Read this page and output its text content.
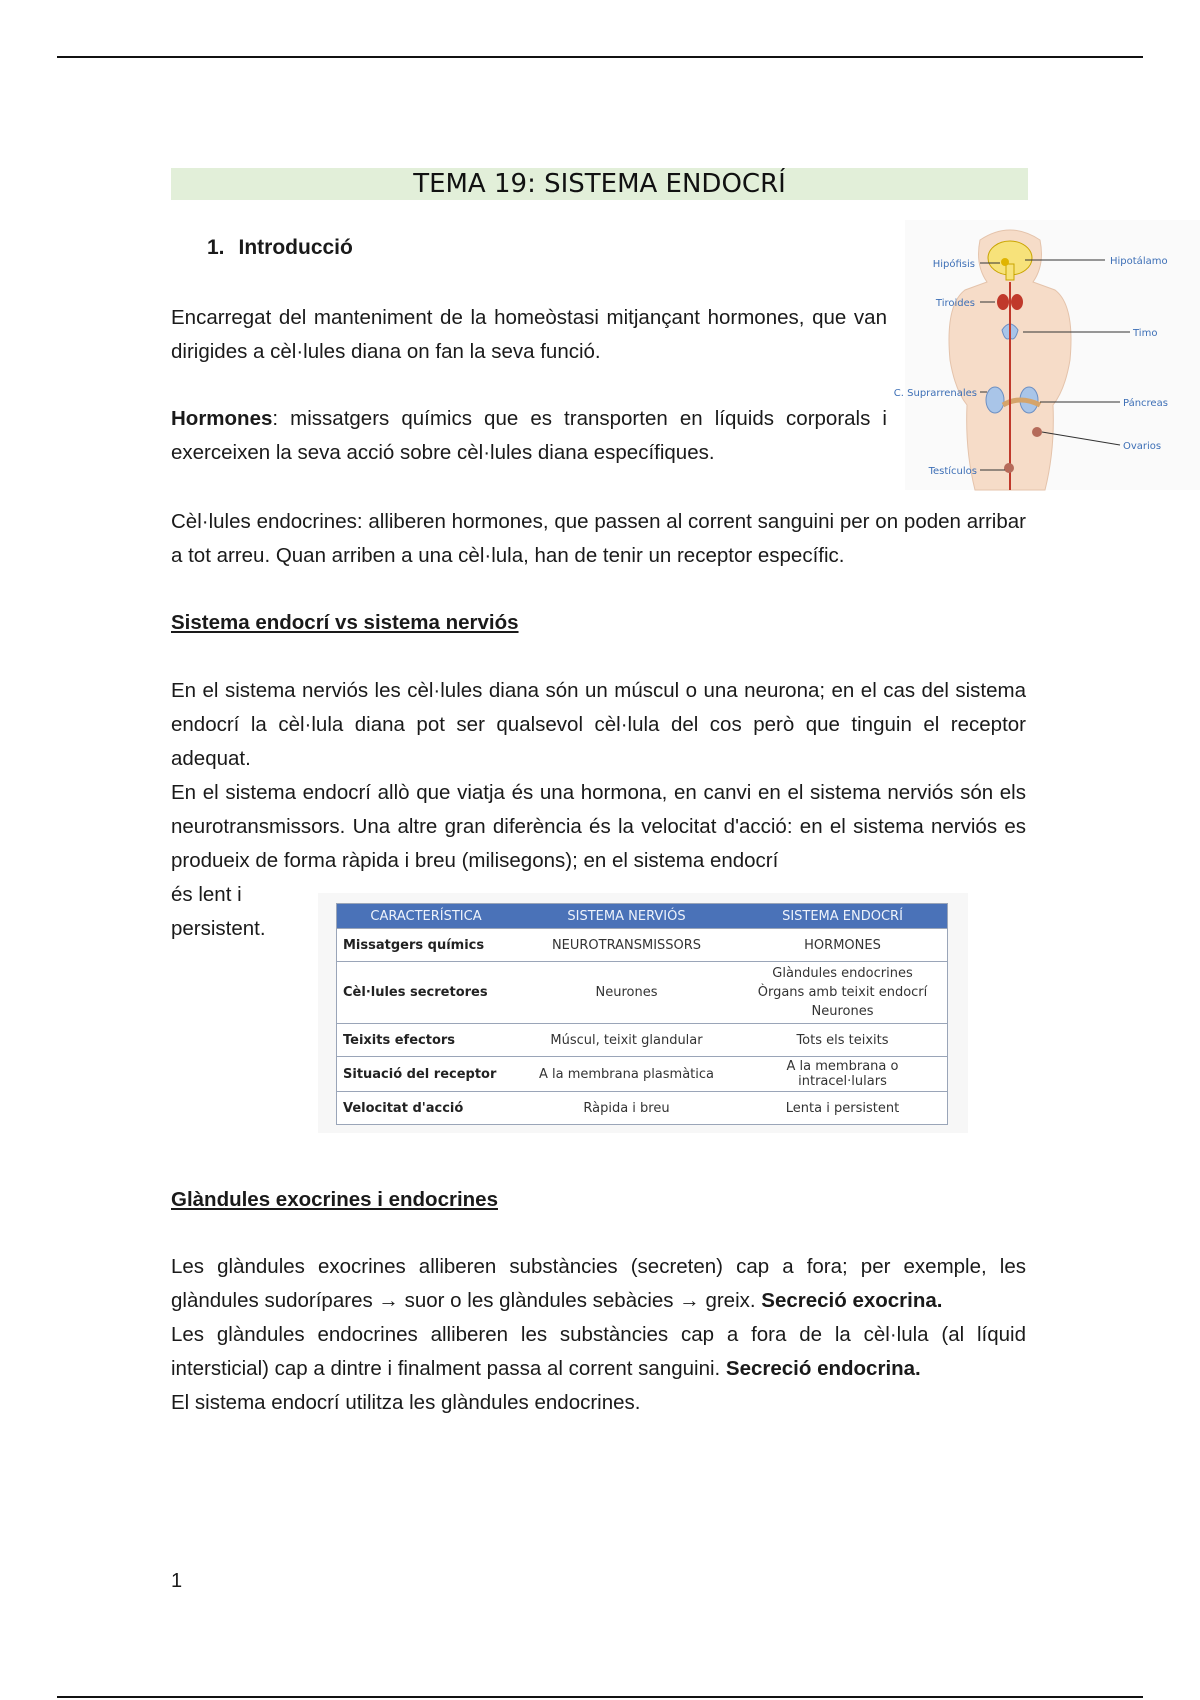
TEMA 19: SISTEMA ENDOCRÍ
1. Introducció

Encarregat del manteniment de la homeòstasi mitjançant hormones, que van dirigides a cèl·lules diana on fan la seva funció.

Hormones: missatgers químics que es transporten en líquids corporals i exerceixen la seva acció sobre cèl·lules diana específiques.

Cèl·lules endocrines: alliberen hormones, que passen al corrent sanguini per on poden arribar a tot arreu. Quan arriben a una cèl·lula, han de tenir un receptor específic.

Hipófisis	Hipotálamo
Tiroides
Timo
C. Suprarrenales
Páncreas
Ovarios
Testículos
Sistema endocrí vs sistema nerviós

En el sistema nerviós les cèl·lules diana són un múscul o una neurona; en el cas del sistema endocrí la cèl·lula diana pot ser qualsevol cèl·lula del cos però que tinguin el receptor adequat.

En el sistema endocrí allò que viatja és una hormona, en canvi en el sistema nerviós són els neurotransmissors. Una altre gran diferència és la velocitat d'acció: en el sistema nerviós es produeix de forma ràpida i breu (milisegons); en el sistema endocrí

és lent i
persistent.
CARACTERÍSTICA	SISTEMA NERVIÓS	SISTEMA ENDOCRÍ
Missatgers químics	NEUROTRANSMISSORS	HORMONES
Cèl·lules secretores	Neurones	Glàndules endocrines
Òrgans amb teixit endocrí
Neurones

Teixits efectors	Múscul, teixit glandular	Tots els teixits
Situació del receptor	A la membrana plasmàtica	A la membrana o intracel·lulars
Velocitat d'acció	Ràpida i breu	Lenta i persistent
Glàndules exocrines i endocrines

Les glàndules exocrines alliberen substàncies (secreten) cap a fora; per exemple, les glàndules sudorípares → suor o les glàndules sebàcies → greix. Secreció exocrina.

Les glàndules endocrines alliberen les substàncies cap a fora de la cèl·lula (al líquid intersticial) cap a dintre i finalment passa al corrent sanguini. Secreció endocrina.

El sistema endocrí utilitza les glàndules endocrines.

1
